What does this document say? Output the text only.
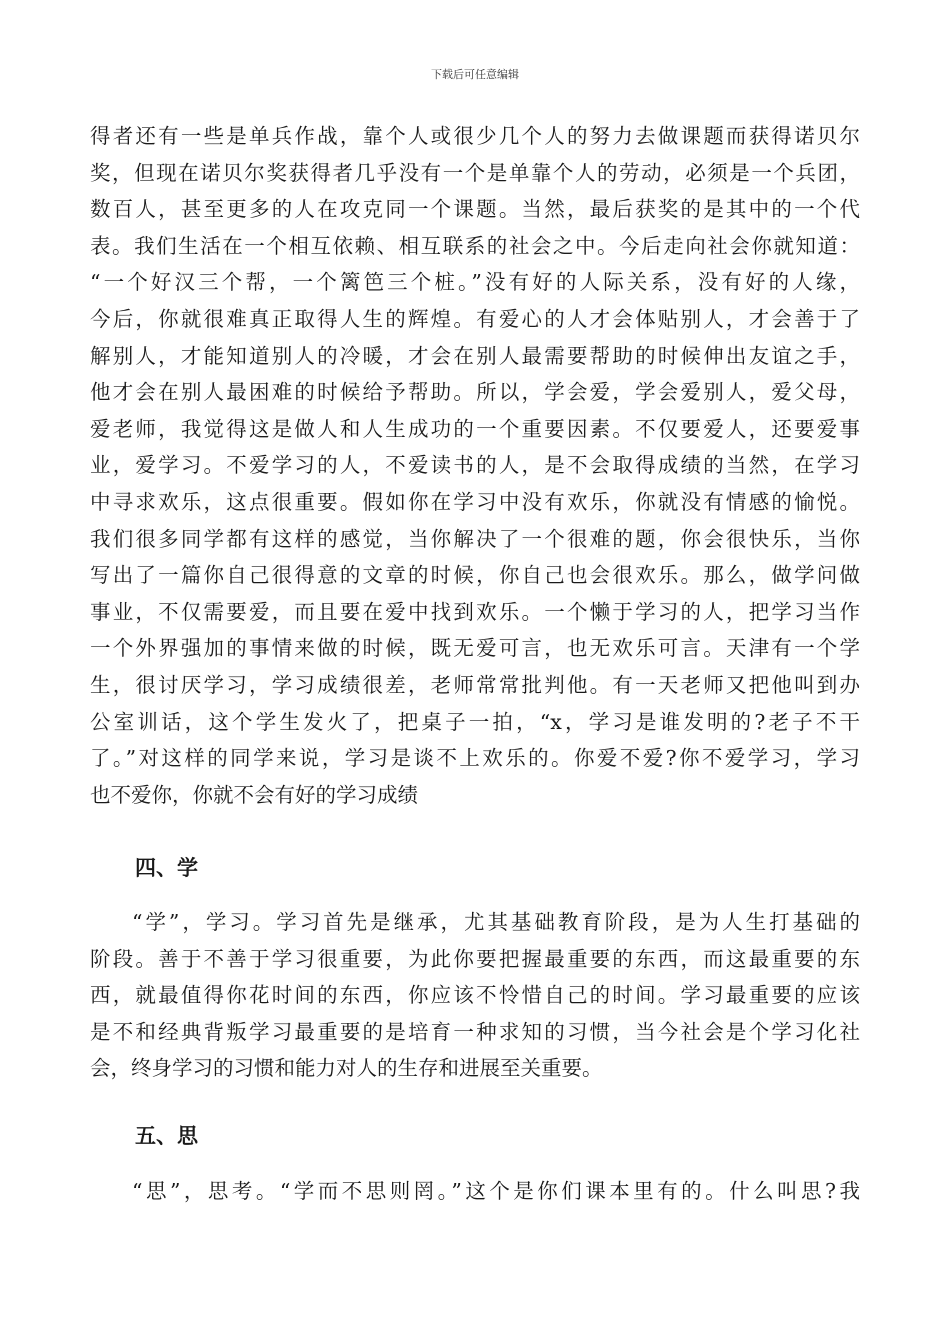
下载后可任意编辑
得者还有一些是单兵作战，靠个人或很少几个人的努力去做课题而获得诺贝尔
奖，但现在诺贝尔奖获得者几乎没有一个是单靠个人的劳动，必须是一个兵团，
数百人，甚至更多的人在攻克同一个课题。当然，最后获奖的是其中的一个代
表。我们生活在一个相互依赖、相互联系的社会之中。今后走向社会你就知道：
“一个好汉三个帮，一个篱笆三个桩。”没有好的人际关系，没有好的人缘，
今后，你就很难真正取得人生的辉煌。有爱心的人才会体贴别人，才会善于了
解别人，才能知道别人的冷暖，才会在别人最需要帮助的时候伸出友谊之手，
他才会在别人最困难的时候给予帮助。所以，学会爱，学会爱别人，爱父母，
爱老师，我觉得这是做人和人生成功的一个重要因素。不仅要爱人，还要爱事
业，爱学习。不爱学习的人，不爱读书的人，是不会取得成绩的当然，在学习
中寻求欢乐，这点很重要。假如你在学习中没有欢乐，你就没有情感的愉悦。
我们很多同学都有这样的感觉，当你解决了一个很难的题，你会很快乐，当你
写出了一篇你自己很得意的文章的时候，你自己也会很欢乐。那么，做学问做
事业，不仅需要爱，而且要在爱中找到欢乐。一个懒于学习的人，把学习当作
一个外界强加的事情来做的时候，既无爱可言，也无欢乐可言。天津有一个学
生，很讨厌学习，学习成绩很差，老师常常批判他。有一天老师又把他叫到办
公室训话，这个学生发火了，把桌子一拍，“x，学习是谁发明的?老子不干
了。”对这样的同学来说，学习是谈不上欢乐的。你爱不爱?你不爱学习，学习
也不爱你，你就不会有好的学习成绩
四、学
“学”，学习。学习首先是继承，尤其基础教育阶段，是为人生打基础的
阶段。善于不善于学习很重要，为此你要把握最重要的东西，而这最重要的东
西，就最值得你花时间的东西，你应该不怜惜自己的时间。学习最重要的应该
是不和经典背叛学习最重要的是培育一种求知的习惯，当今社会是个学习化社
会，终身学习的习惯和能力对人的生存和进展至关重要。
五、思
“思”，思考。“学而不思则罔。”这个是你们课本里有的。什么叫思?我
